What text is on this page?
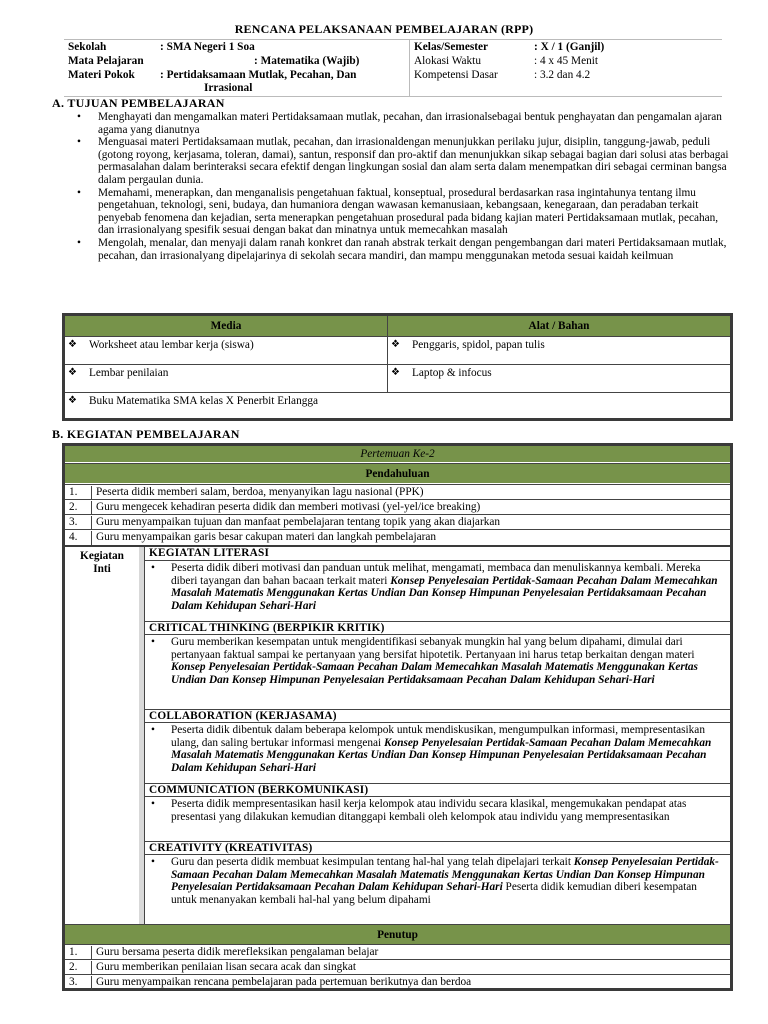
RENCANA PELAKSANAAN PEMBELAJARAN (RPP)
Sekolah	: SMA Negeri 1 Soa
Mata Pelajaran	: Matematika (Wajib)
Materi Pokok : Pertidaksamaan Mutlak, Pecahan, Dan
Irrasional
Kelas/Semester	: X / 1 (Ganjil)
Alokasi Waktu	: 4 x 45 Menit
Kompetensi Dasar	: 3.2 dan 4.2
A. TUJUAN PEMBELAJARAN
• Menghayati dan mengamalkan materi Pertidaksamaan mutlak, pecahan, dan irrasionalsebagai bentuk penghayatan dan pengamalan ajaran agama yang dianutnya
• Menguasai materi Pertidaksamaan mutlak, pecahan, dan irrasionaldengan menunjukkan perilaku jujur, disiplin, tanggung-jawab, peduli (gotong royong, kerjasama, toleran, damai), santun, responsif dan pro-aktif dan menunjukkan sikap sebagai bagian dari solusi atas berbagai permasalahan dalam berinteraksi secara efektif dengan lingkungan sosial dan alam serta dalam menempatkan diri sebagai cerminan bangsa dalam pergaulan dunia.
• Memahami, menerapkan, dan menganalisis pengetahuan faktual, konseptual, prosedural berdasarkan rasa ingintahunya tentang ilmu pengetahuan, teknologi, seni, budaya, dan humaniora dengan wawasan kemanusiaan, kebangsaan, kenegaraan, dan peradaban terkait penyebab fenomena dan kejadian, serta menerapkan pengetahuan prosedural pada bidang kajian materi Pertidaksamaan mutlak, pecahan, dan irrasionalyang spesifik sesuai dengan bakat dan minatnya untuk memecahkan masalah
• Mengolah, menalar, dan menyaji dalam ranah konkret dan ranah abstrak terkait dengan pengembangan dari materi Pertidaksamaan mutlak, pecahan, dan irrasionalyang dipelajarinya di sekolah secara mandiri, dan mampu menggunakan metoda sesuai kaidah keilmuan
Media	Alat / Bahan
❖ Worksheet atau lembar kerja (siswa)	❖ Penggaris, spidol, papan tulis
❖ Lembar penilaian	❖ Laptop & infocus
❖ Buku Matematika SMA kelas X Penerbit Erlangga
B. KEGIATAN PEMBELAJARAN
Pertemuan Ke-2
Pendahuluan
1.	Peserta didik memberi salam, berdoa, menyanyikan lagu nasional (PPK)
2.	Guru mengecek kehadiran peserta didik dan memberi motivasi (yel-yel/ice breaking)
3.	Guru menyampaikan tujuan dan manfaat pembelajaran tentang topik yang akan diajarkan
4.	Guru menyampaikan garis besar cakupan materi dan langkah pembelajaran
Kegiatan
Inti
KEGIATAN LITERASI
• Peserta didik diberi motivasi dan panduan untuk melihat, mengamati, membaca dan menuliskannya kembali. Mereka diberi tayangan dan bahan bacaan terkait materi Konsep Penyelesaian Pertidak-Samaan Pecahan Dalam Memecahkan Masalah Matematis Menggunakan Kertas Undian Dan Konsep Himpunan Penyelesaian Pertidaksamaan Pecahan Dalam Kehidupan Sehari-Hari
CRITICAL THINKING (BERPIKIR KRITIK)
• Guru memberikan kesempatan untuk mengidentifikasi sebanyak mungkin hal yang belum dipahami, dimulai dari pertanyaan faktual sampai ke pertanyaan yang bersifat hipotetik. Pertanyaan ini harus tetap berkaitan dengan materi Konsep Penyelesaian Pertidak-Samaan Pecahan Dalam Memecahkan Masalah Matematis Menggunakan Kertas Undian Dan Konsep Himpunan Penyelesaian Pertidaksamaan Pecahan Dalam Kehidupan Sehari-Hari
COLLABORATION (KERJASAMA)
• Peserta didik dibentuk dalam beberapa kelompok untuk mendiskusikan, mengumpulkan informasi, mempresentasikan ulang, dan saling bertukar informasi mengenai Konsep Penyelesaian Pertidak-Samaan Pecahan Dalam Memecahkan Masalah Matematis Menggunakan Kertas Undian Dan Konsep Himpunan Penyelesaian Pertidaksamaan Pecahan Dalam Kehidupan Sehari-Hari
COMMUNICATION (BERKOMUNIKASI)
• Peserta didik mempresentasikan hasil kerja kelompok atau individu secara klasikal, mengemukakan pendapat atas presentasi yang dilakukan kemudian ditanggapi kembali oleh kelompok atau individu yang mempresentasikan
CREATIVITY (KREATIVITAS)
• Guru dan peserta didik membuat kesimpulan tentang hal-hal yang telah dipelajari terkait Konsep Penyelesaian Pertidak-Samaan Pecahan Dalam Memecahkan Masalah Matematis Menggunakan Kertas Undian Dan Konsep Himpunan Penyelesaian Pertidaksamaan Pecahan Dalam Kehidupan Sehari-Hari Peserta didik kemudian diberi kesempatan untuk menanyakan kembali hal-hal yang belum dipahami
Penutup
1.	Guru bersama peserta didik merefleksikan pengalaman belajar
2.	Guru memberikan penilaian lisan secara acak dan singkat
3.	Guru menyampaikan rencana pembelajaran pada pertemuan berikutnya dan berdoa
